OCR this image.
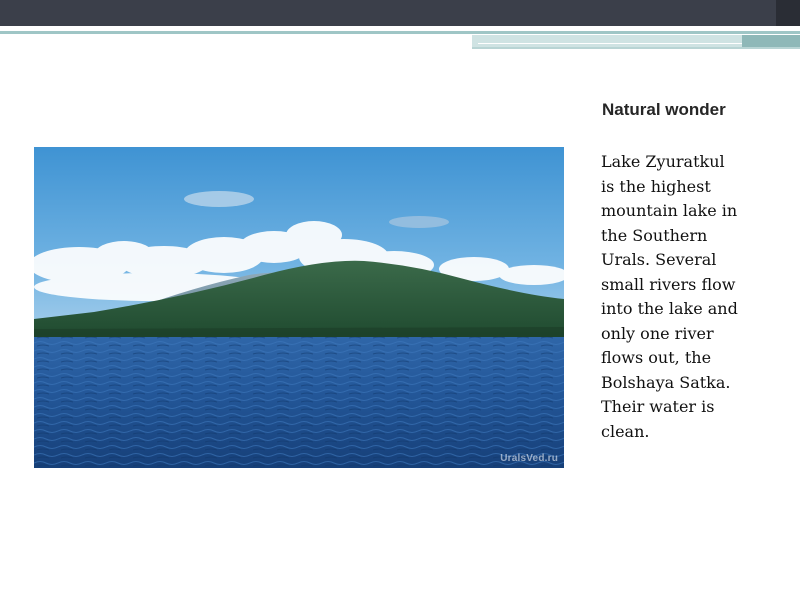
Natural wonder
UralsVed.ru
Lake Zyuratkul
is the highest
mountain lake in
the Southern
Urals. Several
small rivers flow
into the lake and
only one river
flows out, the
Bolshaya Satka.
Their water is
clean.
